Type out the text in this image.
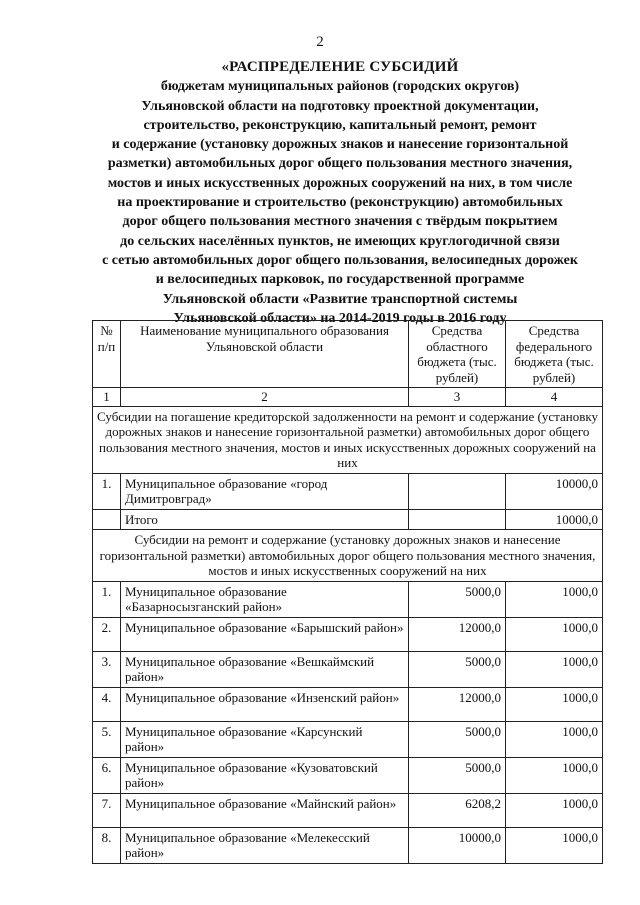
2
«РАСПРЕДЕЛЕНИЕ СУБСИДИЙ
бюджетам муниципальных районов (городских округов)
Ульяновской области на подготовку проектной документации,
строительство, реконструкцию, капитальный ремонт, ремонт
и содержание (установку дорожных знаков и нанесение горизонтальной
разметки) автомобильных дорог общего пользования местного значения,
мостов и иных искусственных дорожных сооружений на них, в том числе
на проектирование и строительство (реконструкцию) автомобильных
дорог общего пользования местного значения с твёрдым покрытием
до сельских населённых пунктов, не имеющих круглогодичной связи
с сетью автомобильных дорог общего пользования, велосипедных дорожек
и велосипедных парковок, по государственной программе
Ульяновской области «Развитие транспортной системы
Ульяновской области» на 2014-2019 годы в 2016 году
№ п/п	Наименование муниципального образования Ульяновской области	Средства областного бюджета (тыс. рублей)	Средства федерального бюджета (тыс. рублей)
1	2	3	4
Субсидии на погашение кредиторской задолженности на ремонт и содержание (установку дорожных знаков и нанесение горизонтальной разметки) автомобильных дорог общего пользования местного значения, мостов и иных искусственных дорожных сооружений на них			
1.	Муниципальное образование «город Димитровград»		10000,0
	Итого		10000,0
Субсидии на ремонт и содержание (установку дорожных знаков и нанесение горизонтальной разметки) автомобильных дорог общего пользования местного значения, мостов и иных искусственных сооружений на них			
1.	Муниципальное образование «Базарносызганский район»	5000,0	1000,0
2.	Муниципальное образование «Барышский район»	12000,0	1000,0
3.	Муниципальное образование «Вешкаймский район»	5000,0	1000,0
4.	Муниципальное образование «Инзенский район»	12000,0	1000,0
5.	Муниципальное образование «Карсунский район»	5000,0	1000,0
6.	Муниципальное образование «Кузоватовский район»	5000,0	1000,0
7.	Муниципальное образование «Майнский район»	6208,2	1000,0
8.	Муниципальное образование «Мелекесский район»	10000,0	1000,0
